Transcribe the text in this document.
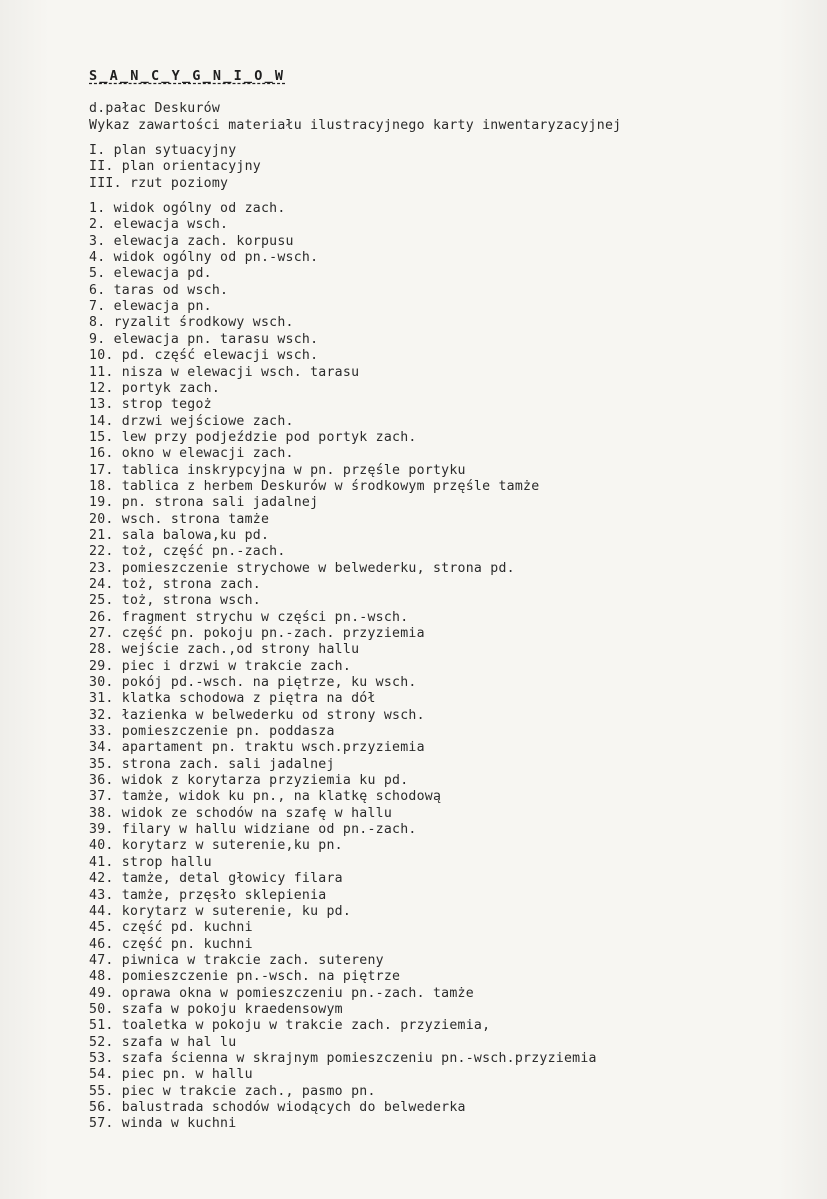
S_A_N_C_Y_G_N_I_O_W
d.pałac Deskurów
Wykaz zawartości materiału ilustracyjnego karty inwentaryzacyjnej
I. plan sytuacyjny
II. plan orientacyjny
III. rzut poziomy
1. widok ogólny od zach.
2. elewacja wsch.
3. elewacja zach. korpusu
4. widok ogólny od pn.-wsch.
5. elewacja pd.
6. taras od wsch.
7. elewacja pn.
8. ryzalit środkowy wsch.
9. elewacja pn. tarasu wsch.
10. pd. część elewacji wsch.
11. nisza w elewacji wsch. tarasu
12. portyk zach.
13. strop tegoż
14. drzwi wejściowe zach.
15. lew przy podjeździe pod portyk zach.
16. okno w elewacji zach.
17. tablica inskrypcyjna w pn. przęśle portyku
18. tablica z herbem Deskurów w środkowym przęśle tamże
19. pn. strona sali jadalnej
20. wsch. strona tamże
21. sala balowa,ku pd.
22. toż, część pn.-zach.
23. pomieszczenie strychowe w belwederku, strona pd.
24. toż, strona zach.
25. toż, strona wsch.
26. fragment strychu w części pn.-wsch.
27. część pn. pokoju pn.-zach. przyziemia
28. wejście zach.,od strony hallu
29. piec i drzwi w trakcie zach.
30. pokój pd.-wsch. na piętrze, ku wsch.
31. klatka schodowa z piętra na dół
32. łazienka w belwederku od strony wsch.
33. pomieszczenie pn. poddasza
34. apartament pn. traktu wsch.przyziemia
35. strona zach. sali jadalnej
36. widok z korytarza przyziemia ku pd.
37. tamże, widok ku pn., na klatkę schodową
38. widok ze schodów na szafę w hallu
39. filary w hallu widziane od pn.-zach.
40. korytarz w suterenie,ku pn.
41. strop hallu
42. tamże, detal głowicy filara
43. tamże, przęsło sklepienia
44. korytarz w suterenie, ku pd.
45. część pd. kuchni
46. część pn. kuchni
47. piwnica w trakcie zach. sutereny
48. pomieszczenie pn.-wsch. na piętrze
49. oprawa okna w pomieszczeniu pn.-zach. tamże
50. szafa w pokoju kraedensowym
51. toaletka w pokoju w trakcie zach. przyziemia,
52. szafa w hal lu
53. szafa ścienna w skrajnym pomieszczeniu pn.-wsch.przyziemia
54. piec pn. w hallu
55. piec w trakcie zach., pasmo pn.
56. balustrada schodów wiodących do belwederka
57. winda w kuchni
